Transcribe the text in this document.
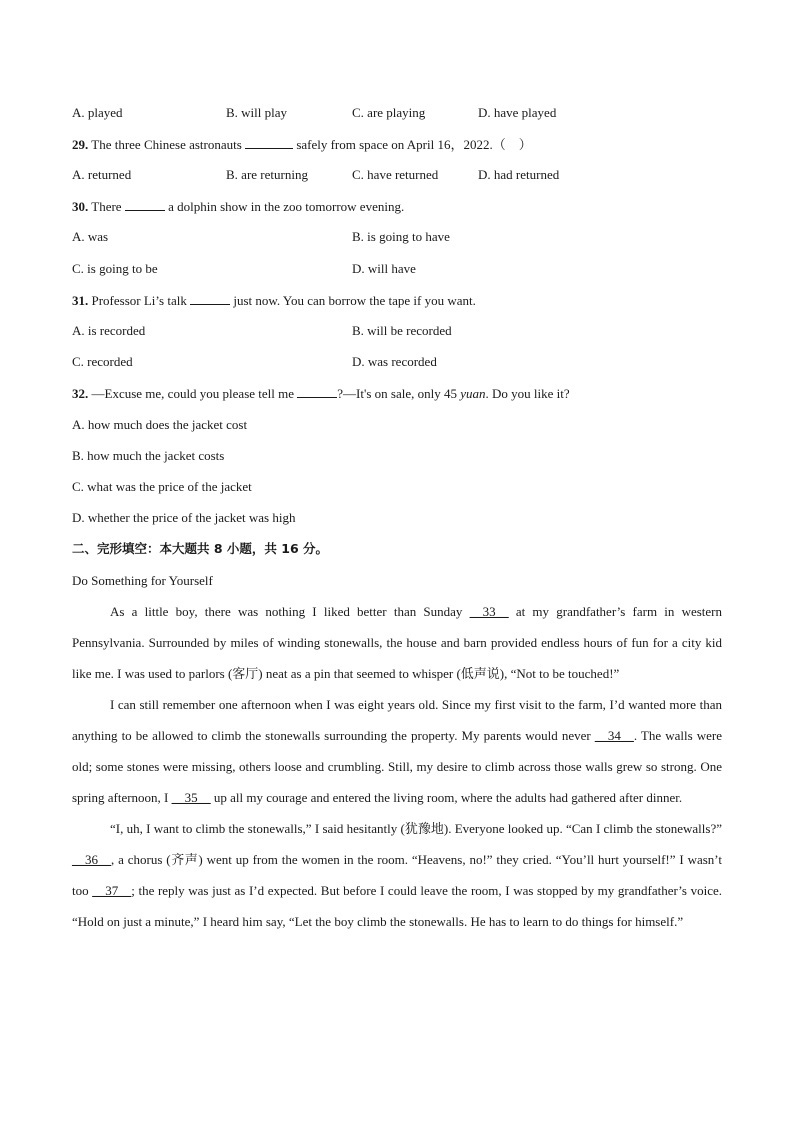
A. played	B. will play	C. are playing	D. have played
29. The three Chinese astronauts	safely from space on April 16，2022.（　）
A. returned	B. are returning	C. have returned	D. had returned
30. There	a dolphin show in the zoo tomorrow evening.
A. was	B. is going to have
C. is going to be	D. will have
31. Professor Li’s talk	just now. You can borrow the tape if you want.
A. is recorded	B. will be recorded
C. recorded	D. was recorded
32. —Excuse me, could you please tell me	?—It's on sale, only 45 yuan. Do you like it?
A. how much does the jacket cost
B. how much the jacket costs
C. what was the price of the jacket
D. whether the price of the jacket was high
二、完形填空：本大题共 8 小题，共 16 分。
Do Something for Yourself

As a little boy, there was nothing I liked better than Sunday __33__ at my grandfather’s farm in western Pennsylvania. Surrounded by miles of winding stonewalls, the house and barn provided endless hours of fun for a city kid like me. I was used to parlors (客厅) neat as a pin that seemed to whisper (低声说), “Not to be touched!”

I can still remember one afternoon when I was eight years old. Since my first visit to the farm, I’d wanted more than anything to be allowed to climb the stonewalls surrounding the property. My parents would never __34__. The walls were old; some stones were missing, others loose and crumbling. Still, my desire to climb across those walls grew so strong. One spring afternoon, I __35__ up all my courage and entered the living room, where the adults had gathered after dinner.

“I, uh, I want to climb the stonewalls,” I said hesitantly (犹豫地). Everyone looked up. “Can I climb the stonewalls?” __36__, a chorus (齐声) went up from the women in the room. “Heavens, no!” they cried. “You’ll hurt yourself!” I wasn’t too __37__; the reply was just as I’d expected. But before I could leave the room, I was stopped by my grandfather’s voice. “Hold on just a minute,” I heard him say, “Let the boy climb the stonewalls. He has to learn to do things for himself.”
